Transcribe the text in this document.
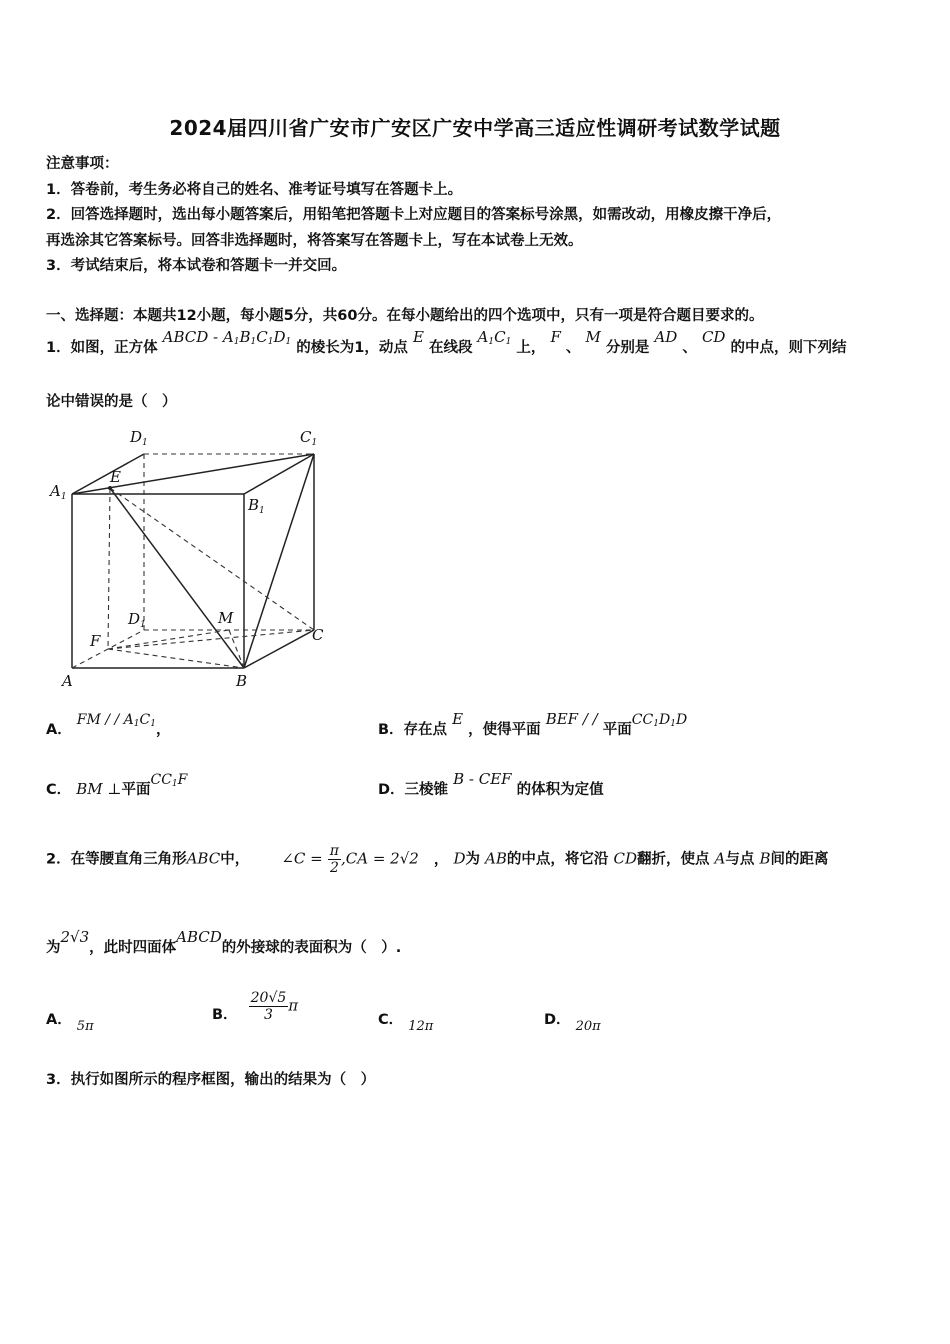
2024届四川省广安市广安区广安中学高三适应性调研考试数学试题
注意事项：
1．答卷前，考生务必将自己的姓名、准考证号填写在答题卡上。
2．回答选择题时，选出每小题答案后，用铅笔把答题卡上对应题目的答案标号涂黑，如需改动，用橡皮擦干净后，
再选涂其它答案标号。回答非选择题时，将答案写在答题卡上，写在本试卷上无效。
3．考试结束后，将本试卷和答题卡一并交回。
一、选择题：本题共12小题，每小题5分，共60分。在每小题给出的四个选项中，只有一项是符合题目要求的。
1．如图，正方体 ABCD - $A_1B_1C_1D_1$ 的棱长为1，动点 E 在线段 $A_1C_1$ 上， F 、 M 分别是 AD 、 CD 的中点，则下列结
论中错误的是（　）
$D_1$	$C_1$
$A_1$
E
$B_1$
$D_1$	M
F	C
A	B
A． FM / / $A_1C_1$，	B．存在点 E ，使得平面 BEF / / 平面$CC_1D_1D$
C． BM ⊥平面$CC_1F$
D．三棱锥 B - CEF 的体积为定值
2．在等腰直角三角形ABC中， ∠C = $\frac{\pi}{2} ,CA = 2√2$ ， D为 AB的中点，将它沿 CD翻折，使点 A与点 B间的距离
为2√3，此时四面体ABCD的外接球的表面积为（　）.
A． 5π
B． $\frac{20√5}{3}$ π
C． 12π	D． 20π
3．执行如图所示的程序框图，输出的结果为（　）
